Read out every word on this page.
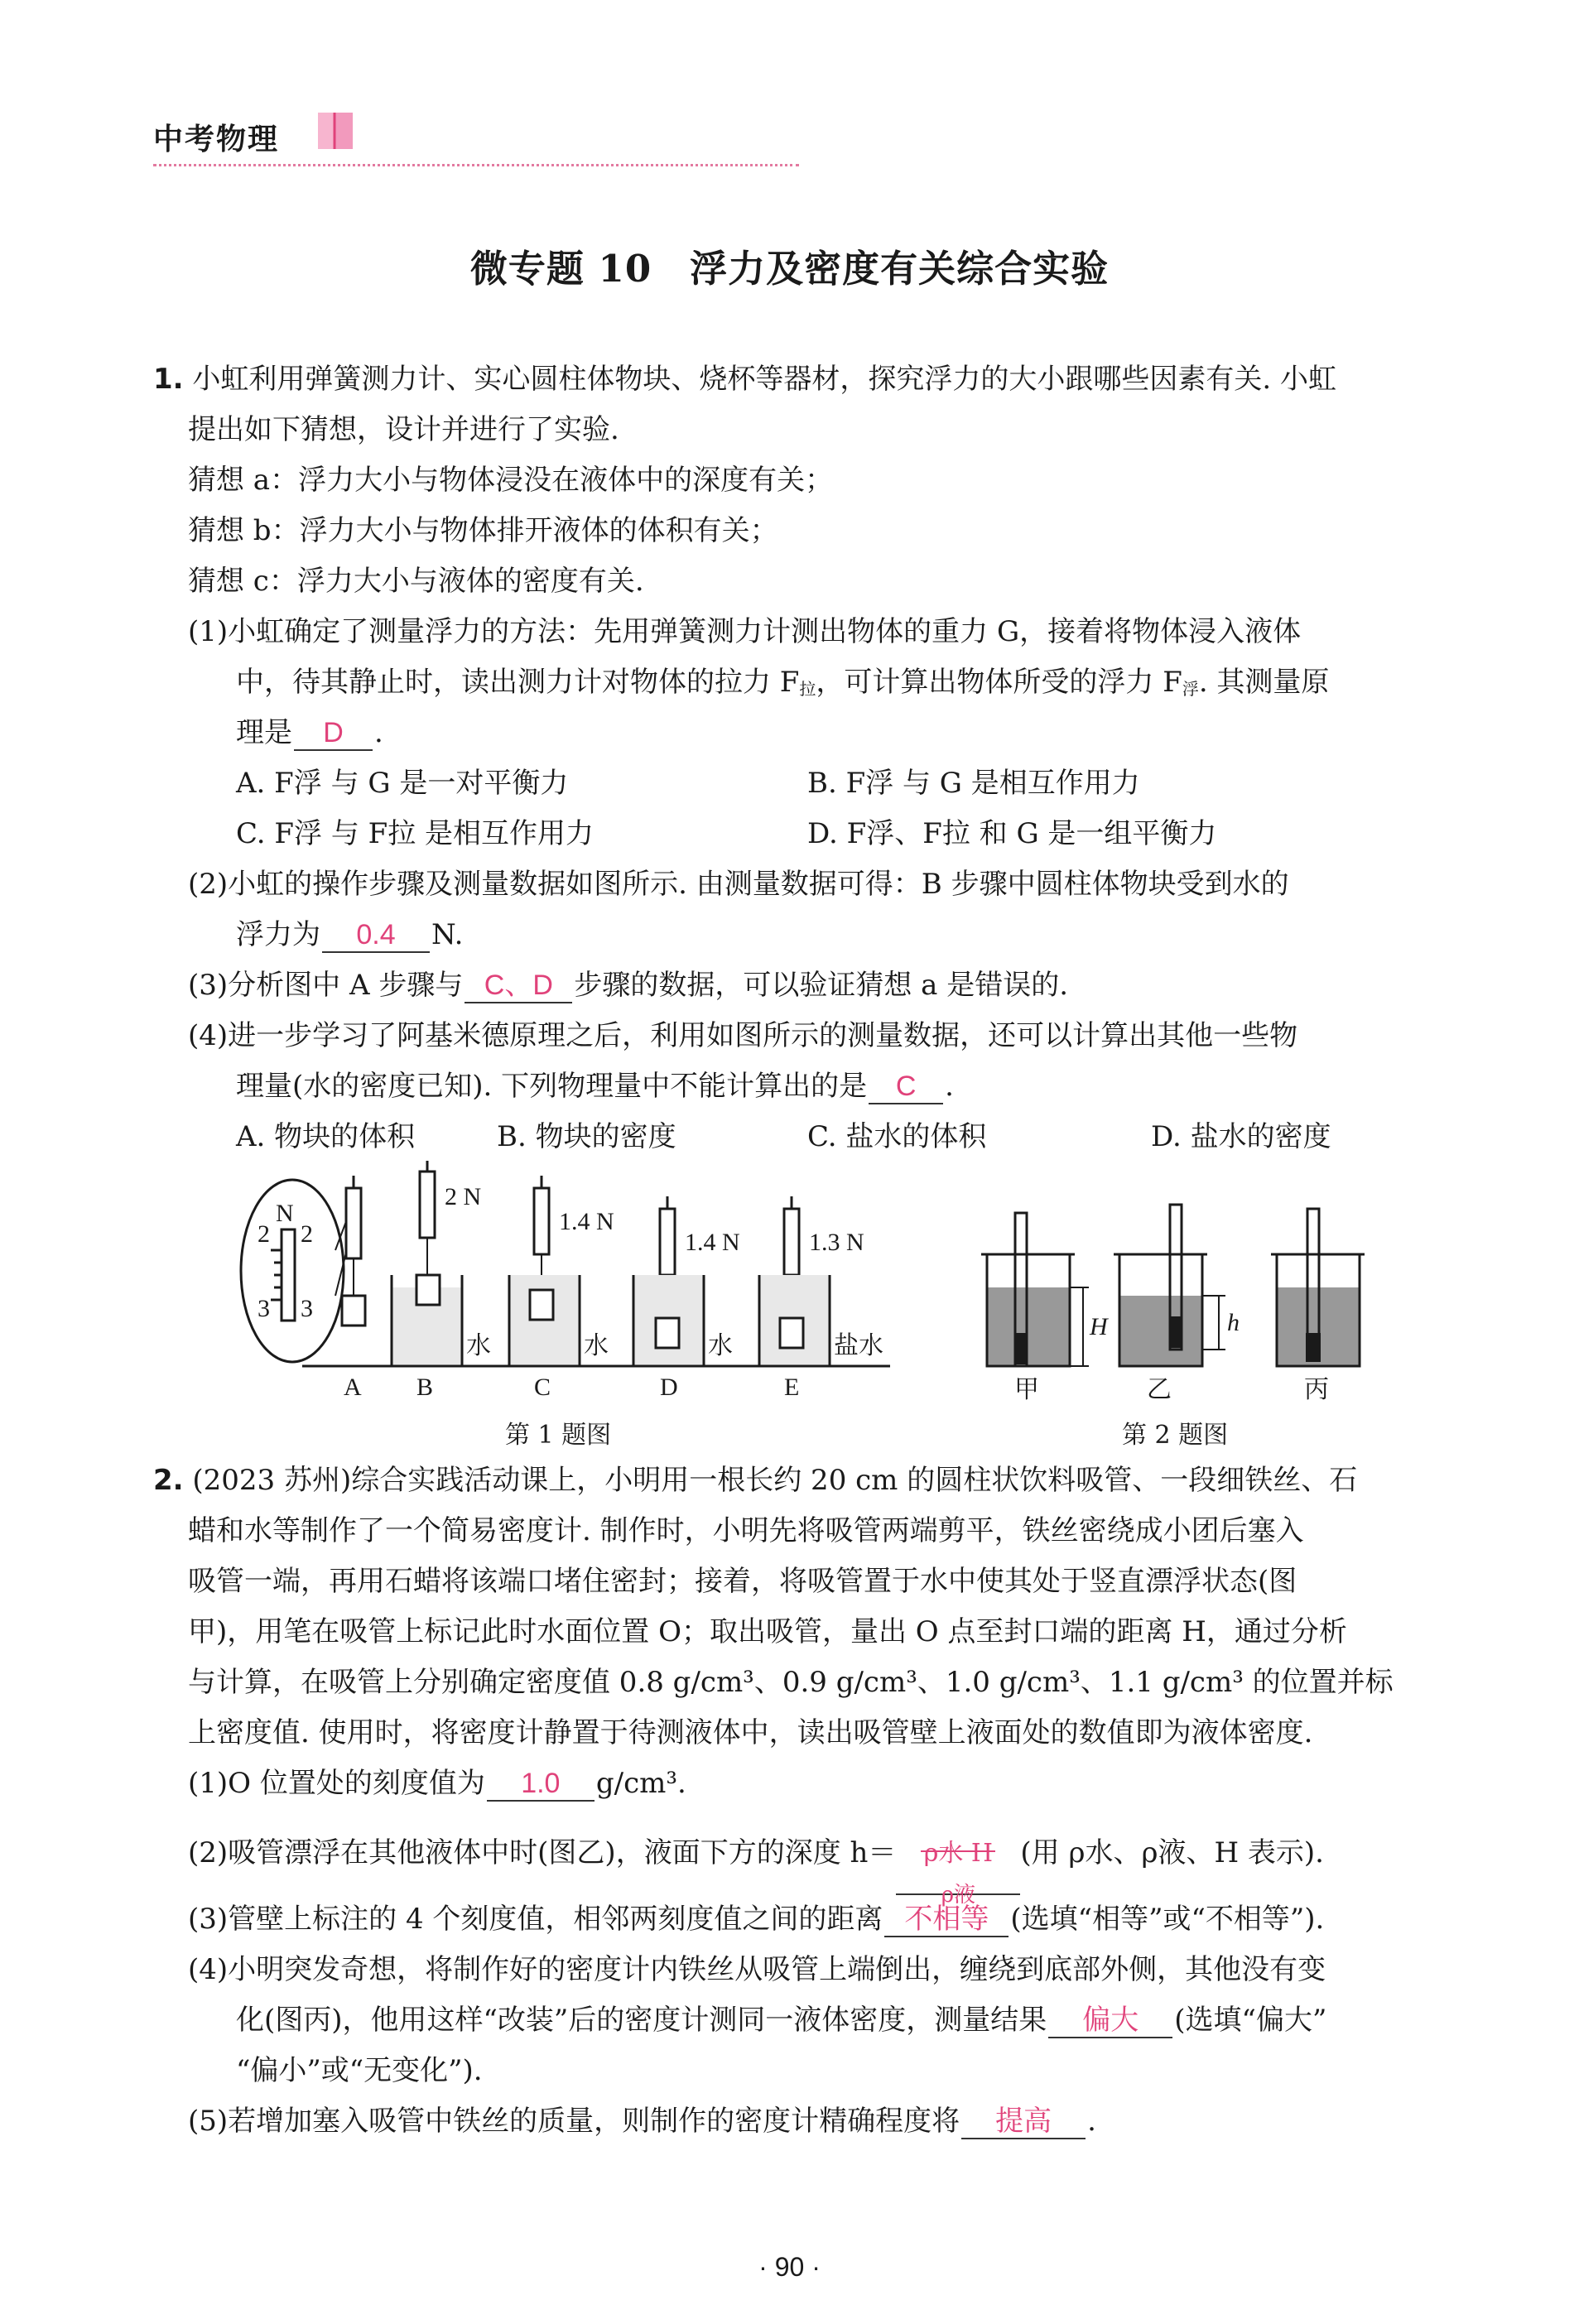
中考物理
微专题 10　浮力及密度有关综合实验
1. 小虹利用弹簧测力计、实心圆柱体物块、烧杯等器材，探究浮力的大小跟哪些因素有关. 小虹
提出如下猜想，设计并进行了实验.
猜想 a：浮力大小与物体浸没在液体中的深度有关；
猜想 b：浮力大小与物体排开液体的体积有关；
猜想 c：浮力大小与液体的密度有关.
(1)小虹确定了测量浮力的方法：先用弹簧测力计测出物体的重力 G，接着将物体浸入液体
中，待其静止时，读出测力计对物体的拉力 $F_拉$，可计算出物体所受的浮力 $F_浮$. 其测量原
理是 D .
A. F浮 与 G 是一对平衡力	B. F浮 与 G 是相互作用力
C. F浮 与 F拉 是相互作用力	D. F浮、F拉 和 G 是一组平衡力
(2)小虹的操作步骤及测量数据如图所示. 由测量数据可得：B 步骤中圆柱体物块受到水的
浮力为 0.4 N.
(3)分析图中 A 步骤与 C、D 步骤的数据，可以验证猜想 a 是错误的.
(4)进一步学习了阿基米德原理之后，利用如图所示的测量数据，还可以计算出其他一些物
理量(水的密度已知). 下列物理量中不能计算出的是 C .
A. 物块的体积	B. 物块的密度	C. 盐水的体积	D. 盐水的密度
N
2 2
3 3
2 N
水
1.4 N
水
1.4 N
水
1.3 N
盐水
A B	C	D	E
第 1 题图
H
甲
h
乙	丙
第 2 题图
2. (2023 苏州)综合实践活动课上，小明用一根长约 20 cm 的圆柱状饮料吸管、一段细铁丝、石
蜡和水等制作了一个简易密度计. 制作时，小明先将吸管两端剪平，铁丝密绕成小团后塞入
吸管一端，再用石蜡将该端口堵住密封；接着，将吸管置于水中使其处于竖直漂浮状态(图
甲)，用笔在吸管上标记此时水面位置 O；取出吸管，量出 O 点至封口端的距离 H，通过分析
与计算，在吸管上分别确定密度值 0.8 g/cm³、0.9 g/cm³、1.0 g/cm³、1.1 g/cm³ 的位置并标
上密度值. 使用时，将密度计静置于待测液体中，读出吸管壁上液面处的数值即为液体密度.
(1)O 位置处的刻度值为 1.0 g/cm³.
(2)吸管漂浮在其他液体中时(图乙)，液面下方的深度 h＝	ρ水 H
ρ液
(用 ρ水、ρ液、H 表示).
(3)管壁上标注的 4 个刻度值，相邻两刻度值之间的距离 不相等 (选填“相等”或“不相等”).
(4)小明突发奇想，将制作好的密度计内铁丝从吸管上端倒出，缠绕到底部外侧，其他没有变
化(图丙)，他用这样“改装”后的密度计测同一液体密度，测量结果 偏大 (选填“偏大”
“偏小”或“无变化”).
(5)若增加塞入吸管中铁丝的质量，则制作的密度计精确程度将 提高 .
· 90 ·
